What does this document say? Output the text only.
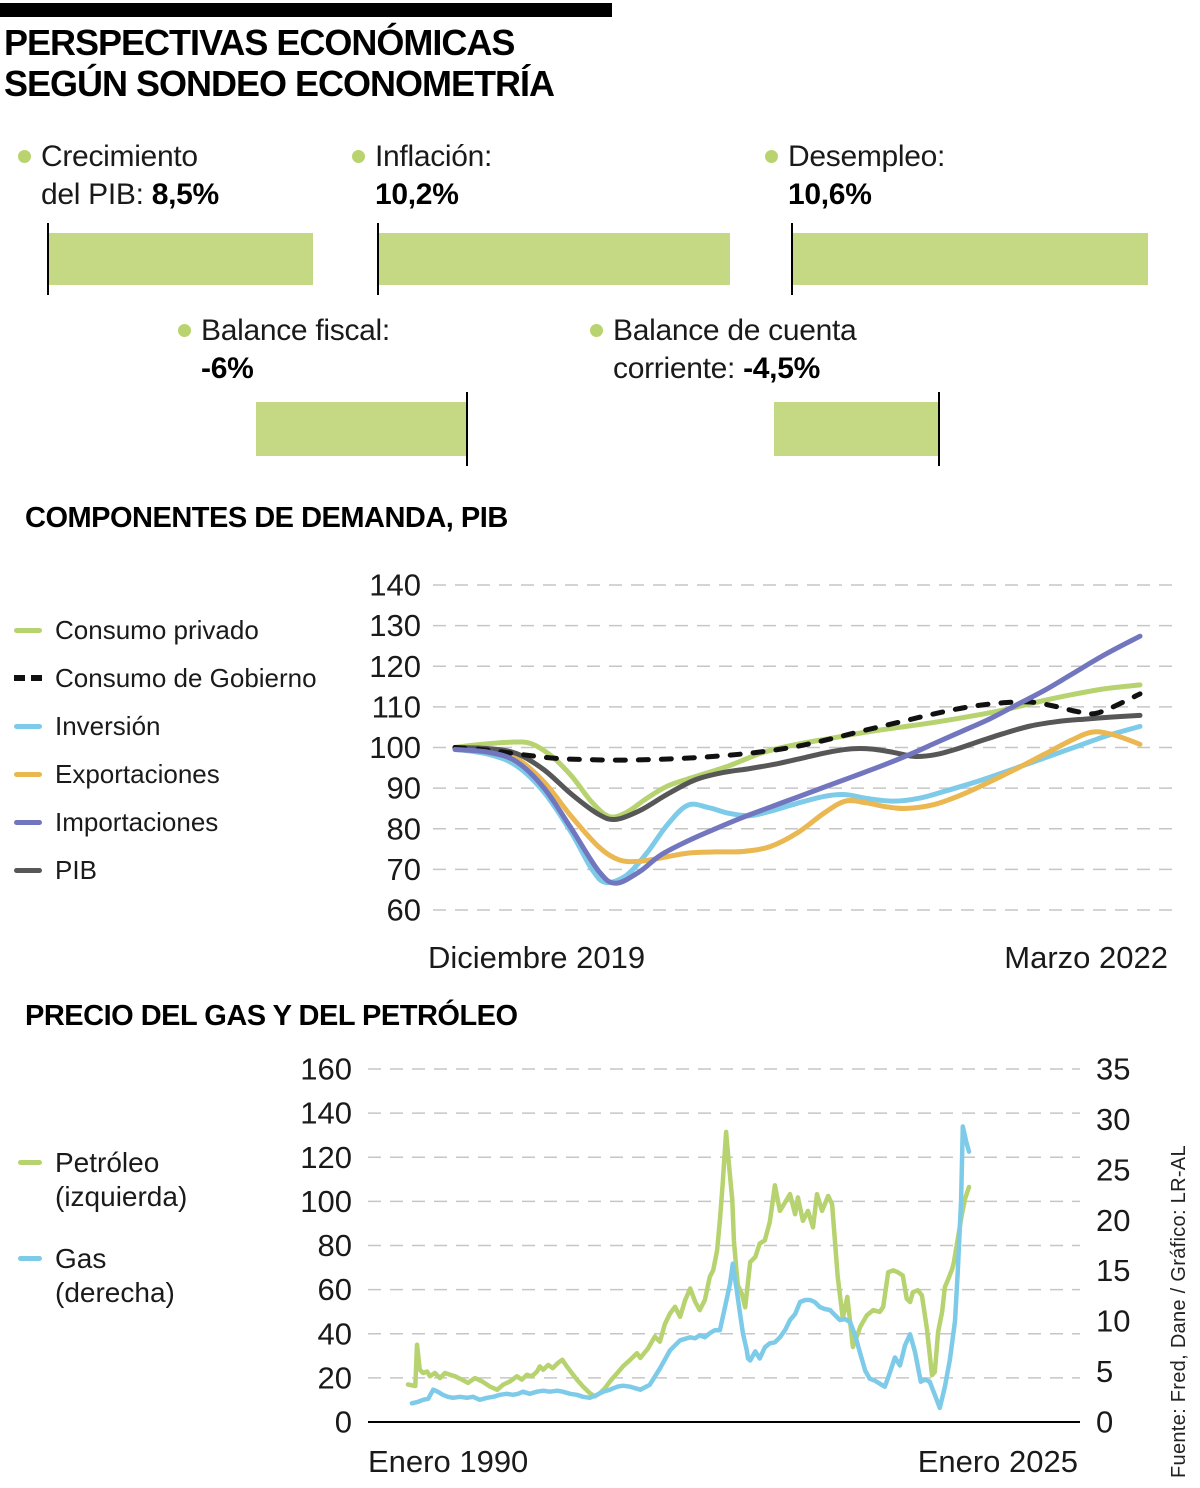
PERSPECTIVAS ECONÓMICAS
SEGÚN SONDEO ECONOMETRÍA
Crecimiento
del PIB: 8,5%
Inflación:
10,2%
Desempleo:
10,6%
Balance fiscal:
-6%
Balance de cuenta
corriente: -4,5%
COMPONENTES DE DEMANDA, PIB
Consumo privado
Consumo de Gobierno
Inversión
Exportaciones
Importaciones
PIB
PRECIO DEL GAS Y DEL PETRÓLEO
Petróleo
(izquierda)
Gas
(derecha)
60
70
80
90
100
110
120
130
140
Diciembre 2019	Marzo 2022
0
20
40
60
80
100
120
140
160
0
5
10
15
20
25
30
35
Enero 1990	Enero 2025	Fuente: Fred, Dane / Gráfico: LR-AL
